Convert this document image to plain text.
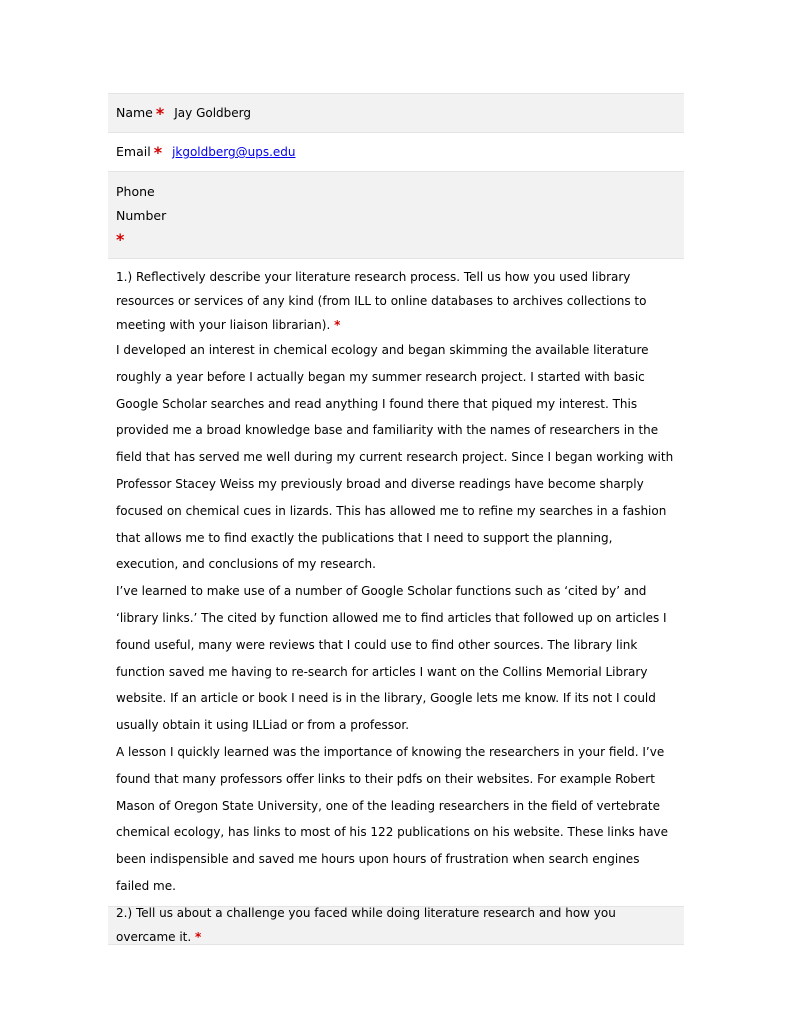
Name * Jay Goldberg
Email * jkgoldberg@ups.edu
Phone
Number
*

1.) Reflectively describe your literature research process. Tell us how you used library resources or services of any kind (from ILL to online databases to archives collections to meeting with your liaison librarian). *

I developed an interest in chemical ecology and began skimming the available literature roughly a year before I actually began my summer research project. I started with basic Google Scholar searches and read anything I found there that piqued my interest. This provided me a broad knowledge base and familiarity with the names of researchers in the field that has served me well during my current research project. Since I began working with Professor Stacey Weiss my previously broad and diverse readings have become sharply focused on chemical cues in lizards. This has allowed me to refine my searches in a fashion that allows me to find exactly the publications that I need to support the planning, execution, and conclusions of my research.

I’ve learned to make use of a number of Google Scholar functions such as ‘cited by’ and ‘library links.’ The cited by function allowed me to find articles that followed up on articles I found useful, many were reviews that I could use to find other sources. The library link function saved me having to re-search for articles I want on the Collins Memorial Library website. If an article or book I need is in the library, Google lets me know. If its not I could usually obtain it using ILLiad or from a professor.

A lesson I quickly learned was the importance of knowing the researchers in your field. I’ve found that many professors offer links to their pdfs on their websites. For example Robert Mason of Oregon State University, one of the leading researchers in the field of vertebrate chemical ecology, has links to most of his 122 publications on his website. These links have been indispensible and saved me hours upon hours of frustration when search engines failed me.

2.) Tell us about a challenge you faced while doing literature research and how you overcame it. *
